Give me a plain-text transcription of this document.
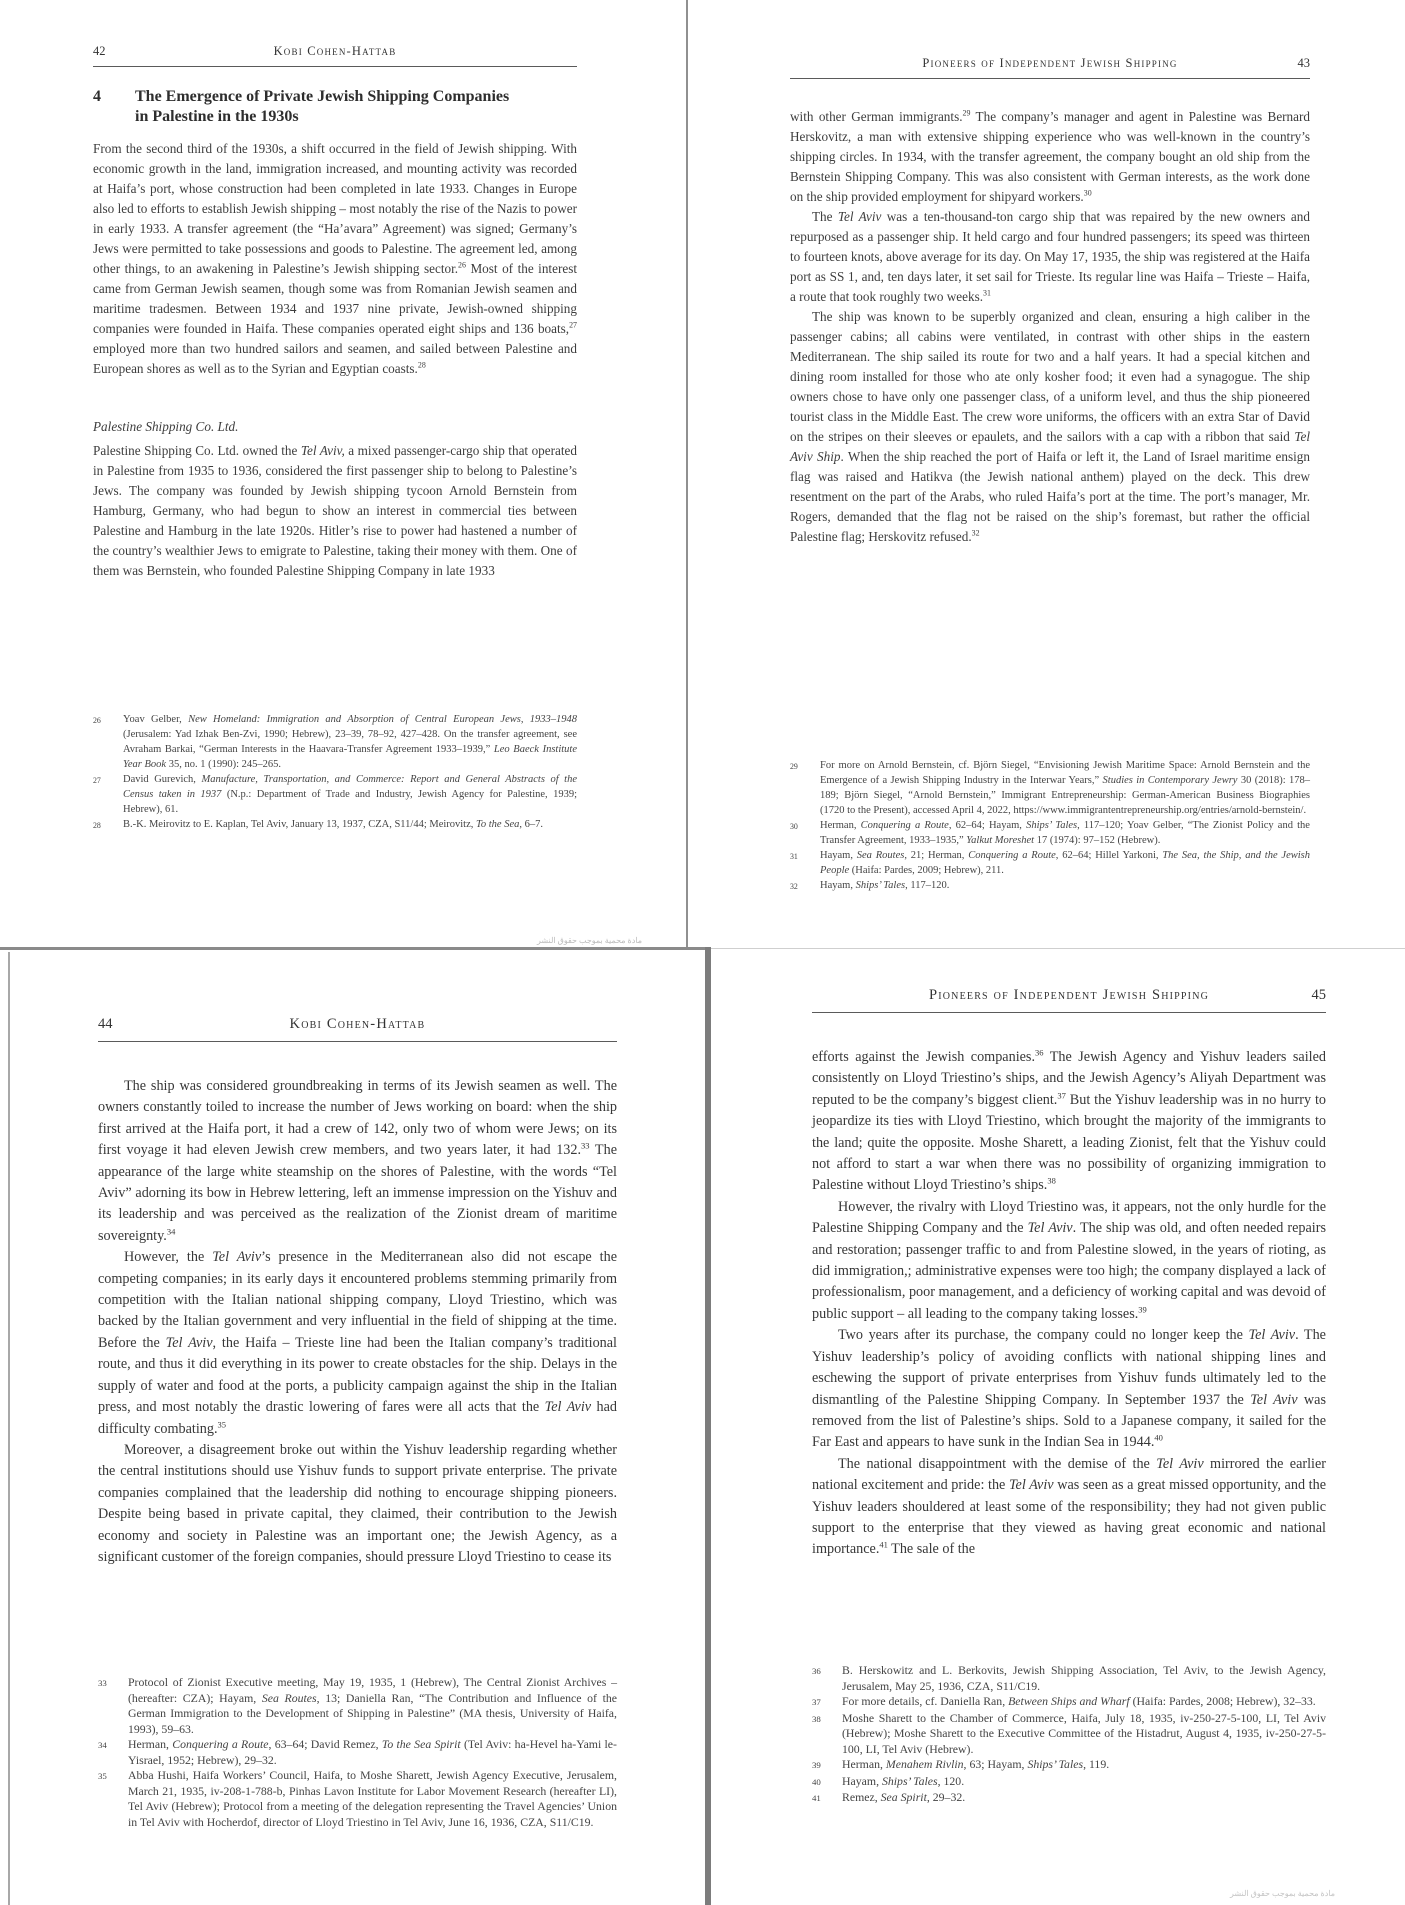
42	Kobi Cohen-Hattab
4	The Emergence of Private Jewish Shipping Companies
in Palestine in the 1930s

From the second third of the 1930s, a shift occurred in the field of Jewish shipping. With economic growth in the land, immigration increased, and mounting activity was recorded at Haifa’s port, whose construction had been completed in late 1933. Changes in Europe also led to efforts to establish Jewish shipping – most notably the rise of the Nazis to power in early 1933. A transfer agreement (the “Ha’avara” Agreement) was signed; Germany’s Jews were permitted to take possessions and goods to Palestine. The agreement led, among other things, to an awakening in Palestine’s Jewish shipping sector.$^{26}$ Most of the interest came from German Jewish seamen, though some was from Romanian Jewish seamen and maritime tradesmen. Between 1934 and 1937 nine private, Jewish-owned shipping companies were founded in Haifa. These companies operated eight ships and 136 boats,$^{27}$ employed more than two hundred sailors and seamen, and sailed between Palestine and European shores as well as to the Syrian and Egyptian coasts.$^{28}$

Palestine Shipping Co. Ltd.

Palestine Shipping Co. Ltd. owned the Tel Aviv, a mixed passenger-cargo ship that operated in Palestine from 1935 to 1936, considered the first passenger ship to belong to Palestine’s Jews. The company was founded by Jewish shipping tycoon Arnold Bernstein from Hamburg, Germany, who had begun to show an interest in commercial ties between Palestine and Hamburg in the late 1920s. Hitler’s rise to power had hastened a number of the country’s wealthier Jews to emigrate to Palestine, taking their money with them. One of them was Bernstein, who founded Palestine Shipping Company in late 1933

26	Yoav Gelber, New Homeland: Immigration and Absorption of Central European Jews, 1933–1948 (Jerusalem: Yad Izhak Ben-Zvi, 1990; Hebrew), 23–39, 78–92, 427–428. On the transfer agreement, see Avraham Barkai, “German Interests in the Haavara-Transfer Agreement 1933–1939,” Leo Baeck Institute Year Book 35, no. 1 (1990): 245–265.
27	David Gurevich, Manufacture, Transportation, and Commerce: Report and General Abstracts of the Census taken in 1937 (N.p.: Department of Trade and Industry, Jewish Agency for Palestine, 1939; Hebrew), 61.
28	B.-K. Meirovitz to E. Kaplan, Tel Aviv, January 13, 1937, CZA, S11/44; Meirovitz, To the Sea, 6–7.
مادة محمية بموجب حقوق النشر
Pioneers of Independent Jewish Shipping	43

with other German immigrants.$^{29}$ The company’s manager and agent in Palestine was Bernard Herskovitz, a man with extensive shipping experience who was well-known in the country’s shipping circles. In 1934, with the transfer agreement, the company bought an old ship from the Bernstein Shipping Company. This was also consistent with German interests, as the work done on the ship provided employment for shipyard workers.$^{30}$

The Tel Aviv was a ten-thousand-ton cargo ship that was repaired by the new owners and repurposed as a passenger ship. It held cargo and four hundred passengers; its speed was thirteen to fourteen knots, above average for its day. On May 17, 1935, the ship was registered at the Haifa port as SS 1, and, ten days later, it set sail for Trieste. Its regular line was Haifa – Trieste – Haifa, a route that took roughly two weeks.$^{31}$

The ship was known to be superbly organized and clean, ensuring a high caliber in the passenger cabins; all cabins were ventilated, in contrast with other ships in the eastern Mediterranean. The ship sailed its route for two and a half years. It had a special kitchen and dining room installed for those who ate only kosher food; it even had a synagogue. The ship owners chose to have only one passenger class, of a uniform level, and thus the ship pioneered tourist class in the Middle East. The crew wore uniforms, the officers with an extra Star of David on the stripes on their sleeves or epaulets, and the sailors with a cap with a ribbon that said Tel Aviv Ship. When the ship reached the port of Haifa or left it, the Land of Israel maritime ensign flag was raised and Hatikva (the Jewish national anthem) played on the deck. This drew resentment on the part of the Arabs, who ruled Haifa’s port at the time. The port’s manager, Mr. Rogers, demanded that the flag not be raised on the ship’s foremast, but rather the official Palestine flag; Herskovitz refused.$^{32}$

29	For more on Arnold Bernstein, cf. Björn Siegel, “Envisioning Jewish Maritime Space: Arnold Bernstein and the Emergence of a Jewish Shipping Industry in the Interwar Years,” Studies in Contemporary Jewry 30 (2018): 178–189; Björn Siegel, “Arnold Bernstein,” Immigrant Entrepreneurship: German-American Business Biographies (1720 to the Present), accessed April 4, 2022, https://www.immigrantentrepreneurship.org/entries/arnold-bernstein/.
30	Herman, Conquering a Route, 62–64; Hayam, Ships’ Tales, 117–120; Yoav Gelber, “The Zionist Policy and the Transfer Agreement, 1933–1935,” Yalkut Moreshet 17 (1974): 97–152 (Hebrew).
31	Hayam, Sea Routes, 21; Herman, Conquering a Route, 62–64; Hillel Yarkoni, The Sea, the Ship, and the Jewish People (Haifa: Pardes, 2009; Hebrew), 211.
32	Hayam, Ships’ Tales, 117–120.
44	Kobi Cohen-Hattab

The ship was considered groundbreaking in terms of its Jewish seamen as well. The owners constantly toiled to increase the number of Jews working on board: when the ship first arrived at the Haifa port, it had a crew of 142, only two of whom were Jews; on its first voyage it had eleven Jewish crew members, and two years later, it had 132.33 The appearance of the large white steamship on the shores of Palestine, with the words “Tel Aviv” adorning its bow in Hebrew lettering, left an immense impression on the Yishuv and its leadership and was perceived as the realization of the Zionist dream of maritime sovereignty.$^{34}$

However, the Tel Aviv’s presence in the Mediterranean also did not escape the competing companies; in its early days it encountered problems stemming primarily from competition with the Italian national shipping company, Lloyd Triestino, which was backed by the Italian government and very influential in the field of shipping at the time. Before the Tel Aviv, the Haifa – Trieste line had been the Italian company’s traditional route, and thus it did everything in its power to create obstacles for the ship. Delays in the supply of water and food at the ports, a publicity campaign against the ship in the Italian press, and most notably the drastic lowering of fares were all acts that the Tel Aviv had difficulty combating.$^{35}$

Moreover, a disagreement broke out within the Yishuv leadership regarding whether the central institutions should use Yishuv funds to support private enterprise. The private companies complained that the leadership did nothing to encourage shipping pioneers. Despite being based in private capital, they claimed, their contribution to the Jewish economy and society in Palestine was an important one; the Jewish Agency, as a significant customer of the foreign companies, should pressure Lloyd Triestino to cease its

33	Protocol of Zionist Executive meeting, May 19, 1935, 1 (Hebrew), The Central Zionist Archives – (hereafter: CZA); Hayam, Sea Routes, 13; Daniella Ran, “The Contribution and Influence of the German Immigration to the Development of Shipping in Palestine” (MA thesis, University of Haifa, 1993), 59–63.
34	Herman, Conquering a Route, 63–64; David Remez, To the Sea Spirit (Tel Aviv: ha-Hevel ha-Yami le-Yisrael, 1952; Hebrew), 29–32.
35	Abba Hushi, Haifa Workers’ Council, Haifa, to Moshe Sharett, Jewish Agency Executive, Jerusalem, March 21, 1935, iv-208-1-788-b, Pinhas Lavon Institute for Labor Movement Research (hereafter LI), Tel Aviv (Hebrew); Protocol from a meeting of the delegation representing the Travel Agencies’ Union in Tel Aviv with Hocherdof, director of Lloyd Triestino in Tel Aviv, June 16, 1936, CZA, S11/C19.
Pioneers of Independent Jewish Shipping	45

efforts against the Jewish companies.$^{36}$ The Jewish Agency and Yishuv leaders sailed consistently on Lloyd Triestino’s ships, and the Jewish Agency’s Aliyah Department was reputed to be the company’s biggest client.$^{37}$ But the Yishuv leadership was in no hurry to jeopardize its ties with Lloyd Triestino, which brought the majority of the immigrants to the land; quite the opposite. Moshe Sharett, a leading Zionist, felt that the Yishuv could not afford to start a war when there was no possibility of organizing immigration to Palestine without Lloyd Triestino’s ships.$^{38}$

However, the rivalry with Lloyd Triestino was, it appears, not the only hurdle for the Palestine Shipping Company and the Tel Aviv. The ship was old, and often needed repairs and restoration; passenger traffic to and from Palestine slowed, in the years of rioting, as did immigration,; administrative expenses were too high; the company displayed a lack of professionalism, poor management, and a deficiency of working capital and was devoid of public support – all leading to the company taking losses.$^{39}$

Two years after its purchase, the company could no longer keep the Tel Aviv. The Yishuv leadership’s policy of avoiding conflicts with national shipping lines and eschewing the support of private enterprises from Yishuv funds ultimately led to the dismantling of the Palestine Shipping Company. In September 1937 the Tel Aviv was removed from the list of Palestine’s ships. Sold to a Japanese company, it sailed for the Far East and appears to have sunk in the Indian Sea in 1944.40

The national disappointment with the demise of the Tel Aviv mirrored the earlier national excitement and pride: the Tel Aviv was seen as a great missed opportunity, and the Yishuv leaders shouldered at least some of the responsibility; they had not given public support to the enterprise that they viewed as having great economic and national importance.$^{41}$ The sale of the

36	B. Herskowitz and L. Berkovits, Jewish Shipping Association, Tel Aviv, to the Jewish Agency, Jerusalem, May 25, 1936, CZA, S11/C19.
37	For more details, cf. Daniella Ran, Between Ships and Wharf (Haifa: Pardes, 2008; Hebrew), 32–33.
38	Moshe Sharett to the Chamber of Commerce, Haifa, July 18, 1935, iv-250-27-5-100, LI, Tel Aviv (Hebrew); Moshe Sharett to the Executive Committee of the Histadrut, August 4, 1935, iv-250-27-5-100, LI, Tel Aviv (Hebrew).
39	Herman, Menahem Rivlin, 63; Hayam, Ships’ Tales, 119.
40	Hayam, Ships’ Tales, 120.
41	Remez, Sea Spirit, 29–32.
مادة محمية بموجب حقوق النشر
